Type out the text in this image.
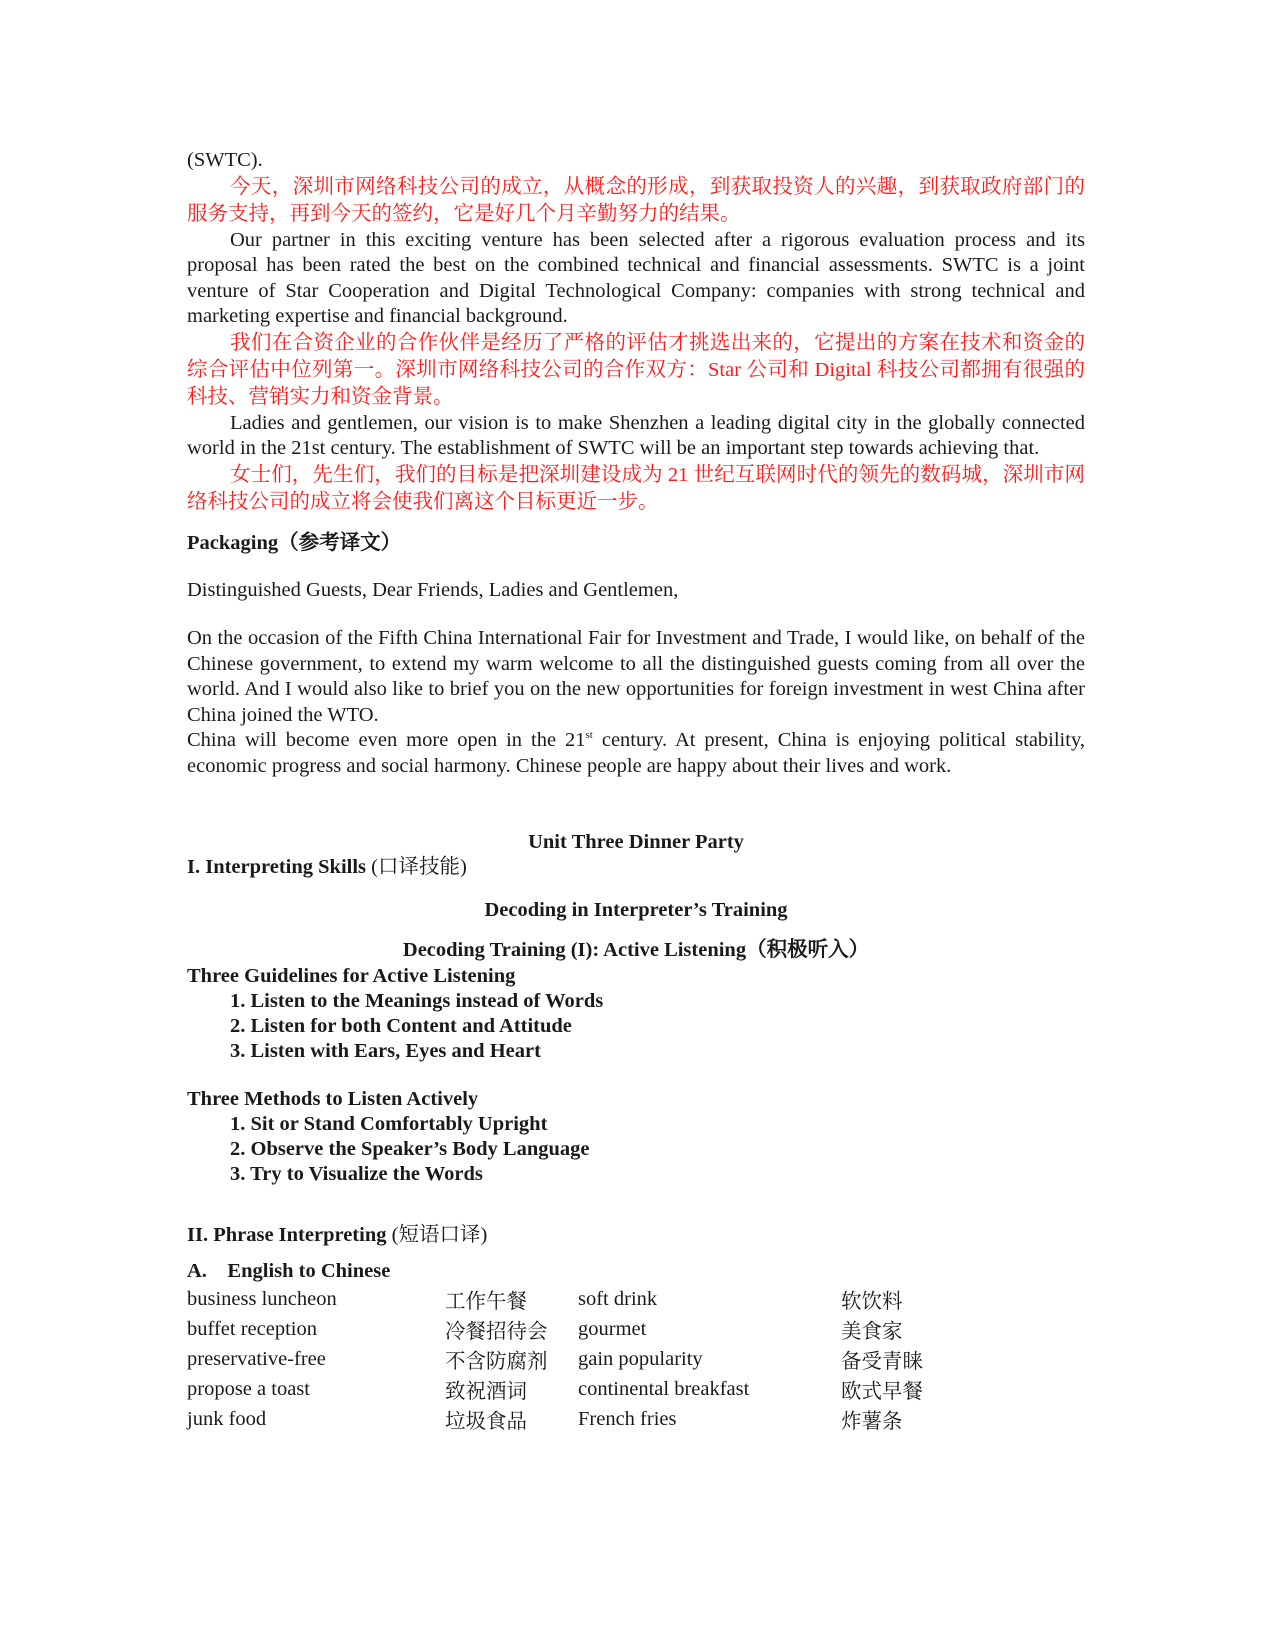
(SWTC).

今天，深圳市网络科技公司的成立，从概念的形成，到获取投资人的兴趣，到获取政府部门的服务支持，再到今天的签约，它是好几个月辛勤努力的结果。

Our partner in this exciting venture has been selected after a rigorous evaluation process and its proposal has been rated the best on the combined technical and financial assessments. SWTC is a joint venture of Star Cooperation and Digital Technological Company: companies with strong technical and marketing expertise and financial background.

我们在合资企业的合作伙伴是经历了严格的评估才挑选出来的，它提出的方案在技术和资金的综合评估中位列第一。深圳市网络科技公司的合作双方：Star 公司和 Digital 科技公司都拥有很强的科技、营销实力和资金背景。

Ladies and gentlemen, our vision is to make Shenzhen a leading digital city in the globally connected world in the 21st century. The establishment of SWTC will be an important step towards achieving that.

女士们，先生们，我们的目标是把深圳建设成为 21 世纪互联网时代的领先的数码城，深圳市网络科技公司的成立将会使我们离这个目标更近一步。

Packaging（参考译文）

Distinguished Guests, Dear Friends, Ladies and Gentlemen,

On the occasion of the Fifth China International Fair for Investment and Trade, I would like, on behalf of the Chinese government, to extend my warm welcome to all the distinguished guests coming from all over the world. And I would also like to brief you on the new opportunities for foreign investment in west China after China joined the WTO.

China will become even more open in the 21st century. At present, China is enjoying political stability, economic progress and social harmony. Chinese people are happy about their lives and work.

Unit Three Dinner Party

I. Interpreting Skills (口译技能)

Decoding in Interpreter’s Training

Decoding Training (I): Active Listening（积极听入）

Three Guidelines for Active Listening

1. Listen to the Meanings instead of Words

2. Listen for both Content and Attitude

3. Listen with Ears, Eyes and Heart

Three Methods to Listen Actively

1. Sit or Stand Comfortably Upright

2. Observe the Speaker’s Body Language

3. Try to Visualize the Words

II. Phrase Interpreting (短语口译)

A.    English to Chinese

business luncheon	工作午餐	soft drink	软饮料
buffet reception	冷餐招待会	gourmet	美食家
preservative-free	不含防腐剂	gain popularity	备受青睐
propose a toast	致祝酒词	continental breakfast	欧式早餐
junk food	垃圾食品	French fries	炸薯条
